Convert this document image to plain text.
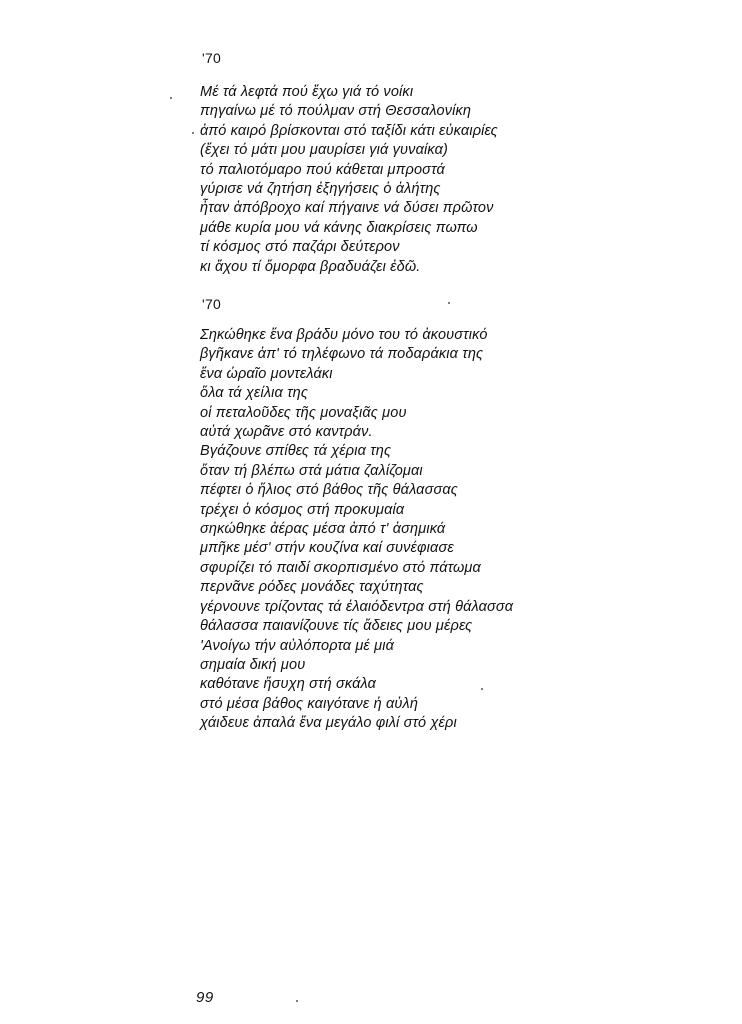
'70
Μέ τά λεφτά πού ἔχω γιά τό νοίκι
πηγαίνω μέ τό πούλμαν στή Θεσσαλονίκη
ἀπό καιρό βρίσκονται στό ταξίδι κάτι εὐκαιρίες
(ἔχει τό μάτι μου μαυρίσει γιά γυναίκα)
τό παλιοτόμαρο πού κάθεται μπροστά
γύρισε νά ζητήση ἐξηγήσεις ὁ ἀλήτης
ἦταν ἀπόβροχο καί πήγαινε νά δύσει πρῶτον
μάθε κυρία μου νά κάνης διακρίσεις πωπω
τί κόσμος στό παζάρι δεύτερον
κι ἄχου τί ὄμορφα βραδυάζει ἐδῶ.
'70
Σηκώθηκε ἕνα βράδυ μόνο του τό ἀκουστικό
βγῆκανε ἀπ' τό τηλέφωνο τά ποδαράκια της
ἕνα ὡραῖο μοντελάκι
ὅλα τά χείλια της
οἱ πεταλοῦδες τῆς μοναξιᾶς μου
αὐτά χωρᾶνε στό καντράν.
Βγάζουνε σπίθες τά χέρια της
ὅταν τή βλέπω στά μάτια ζαλίζομαι
πέφτει ὁ ἥλιος στό βάθος τῆς θάλασσας
τρέχει ὁ κόσμος στή προκυμαία
σηκώθηκε ἀέρας μέσα ἀπό τ' ἀσημικά
μπῆκε μέσ' στήν κουζίνα καί συνέφιασε
σφυρίζει τό παιδί σκορπισμένο στό πάτωμα
περνᾶνε ρόδες μονάδες ταχύτητας
γέρνουνε τρίζοντας τά ἐλαιόδεντρα στή θάλασσα
θάλασσα παιανίζουνε τίς ἄδειες μου μέρες
'Ανοίγω τήν αὐλόπορτα μέ μιά
σημαία δική μου
καθότανε ἥσυχη στή σκάλα
στό μέσα βάθος καιγότανε ἡ αὐλή
χάιδευε ἀπαλά ἕνα μεγάλο φιλί στό χέρι
99
